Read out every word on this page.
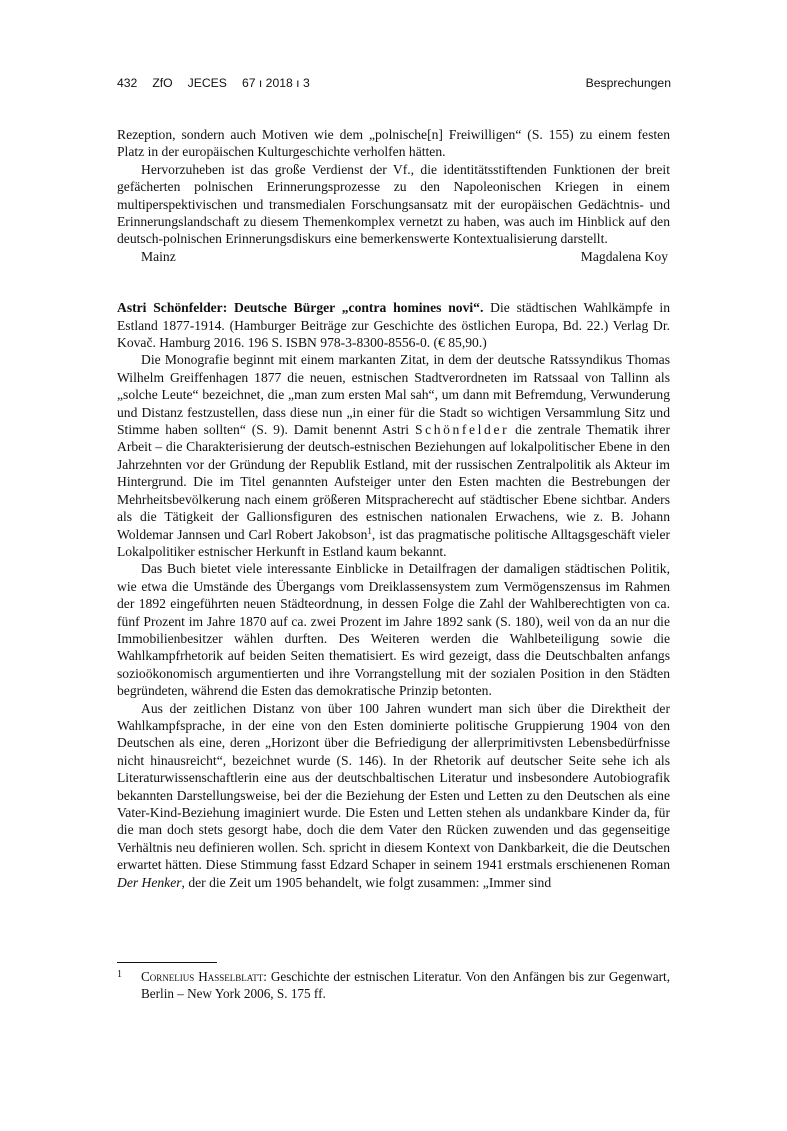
432 ZfO JECES 67 ı 2018 ı 3	Besprechungen

Rezeption, sondern auch Motiven wie dem „polnische[n] Freiwilligen“ (S. 155) zu einem festen Platz in der europäischen Kulturgeschichte verholfen hätten.

Hervorzuheben ist das große Verdienst der Vf., die identitätsstiftenden Funktionen der breit gefächerten polnischen Erinnerungsprozesse zu den Napoleonischen Kriegen in einem multiperspektivischen und transmedialen Forschungsansatz mit der europäischen Gedächtnis- und Erinnerungslandschaft zu diesem Themenkomplex vernetzt zu haben, was auch im Hinblick auf den deutsch-polnischen Erinnerungsdiskurs eine bemerkenswerte Kontextualisierung darstellt.

Mainz	Magdalena Koy

Astri Schönfelder: Deutsche Bürger „contra homines novi“. Die städtischen Wahlkämpfe in Estland 1877-1914. (Hamburger Beiträge zur Geschichte des östlichen Europa, Bd. 22.) Verlag Dr. Kovač. Hamburg 2016. 196 S. ISBN 978-3-8300-8556-0. (€ 85,90.)

Die Monografie beginnt mit einem markanten Zitat, in dem der deutsche Ratssyndikus Thomas Wilhelm Greiffenhagen 1877 die neuen, estnischen Stadtverordneten im Ratssaal von Tallinn als „solche Leute“ bezeichnet, die „man zum ersten Mal sah“, um dann mit Befremdung, Verwunderung und Distanz festzustellen, dass diese nun „in einer für die Stadt so wichtigen Versammlung Sitz und Stimme haben sollten“ (S. 9). Damit benennt Astri Schönfelder die zentrale Thematik ihrer Arbeit – die Charakterisierung der deutsch-estnischen Beziehungen auf lokalpolitischer Ebene in den Jahrzehnten vor der Gründung der Republik Estland, mit der russischen Zentralpolitik als Akteur im Hintergrund. Die im Titel genannten Aufsteiger unter den Esten machten die Bestrebungen der Mehrheitsbevölkerung nach einem größeren Mitspracherecht auf städtischer Ebene sichtbar. Anders als die Tätigkeit der Gallionsfiguren des estnischen nationalen Erwachens, wie z. B. Johann Woldemar Jannsen und Carl Robert Jakobson$^1$, ist das pragmatische politische Alltagsgeschäft vieler Lokalpolitiker estnischer Herkunft in Estland kaum bekannt.

Das Buch bietet viele interessante Einblicke in Detailfragen der damaligen städtischen Politik, wie etwa die Umstände des Übergangs vom Dreiklassensystem zum Vermögenszensus im Rahmen der 1892 eingeführten neuen Städteordnung, in dessen Folge die Zahl der Wahlberechtigten von ca. fünf Prozent im Jahre 1870 auf ca. zwei Prozent im Jahre 1892 sank (S. 180), weil von da an nur die Immobilienbesitzer wählen durften. Des Weiteren werden die Wahlbeteiligung sowie die Wahlkampfrhetorik auf beiden Seiten thematisiert. Es wird gezeigt, dass die Deutschbalten anfangs sozioökonomisch argumentierten und ihre Vorrangstellung mit der sozialen Position in den Städten begründeten, während die Esten das demokratische Prinzip betonten.

Aus der zeitlichen Distanz von über 100 Jahren wundert man sich über die Direktheit der Wahlkampfsprache, in der eine von den Esten dominierte politische Gruppierung 1904 von den Deutschen als eine, deren „Horizont über die Befriedigung der allerprimitivsten Lebensbedürfnisse nicht hinausreicht“, bezeichnet wurde (S. 146). In der Rhetorik auf deutscher Seite sehe ich als Literaturwissenschaftlerin eine aus der deutschbaltischen Literatur und insbesondere Autobiografik bekannten Darstellungsweise, bei der die Beziehung der Esten und Letten zu den Deutschen als eine Vater-Kind-Beziehung imaginiert wurde. Die Esten und Letten stehen als undankbare Kinder da, für die man doch stets gesorgt habe, doch die dem Vater den Rücken zuwenden und das gegenseitige Verhältnis neu definieren wollen. Sch. spricht in diesem Kontext von Dankbarkeit, die die Deutschen erwartet hätten. Diese Stimmung fasst Edzard Schaper in seinem 1941 erstmals erschienenen Roman Der Henker, der die Zeit um 1905 behandelt, wie folgt zusammen: „Immer sind

1 Cornelius Hasselblatt: Geschichte der estnischen Literatur. Von den Anfängen bis zur Gegenwart, Berlin – New York 2006, S. 175 ff.
